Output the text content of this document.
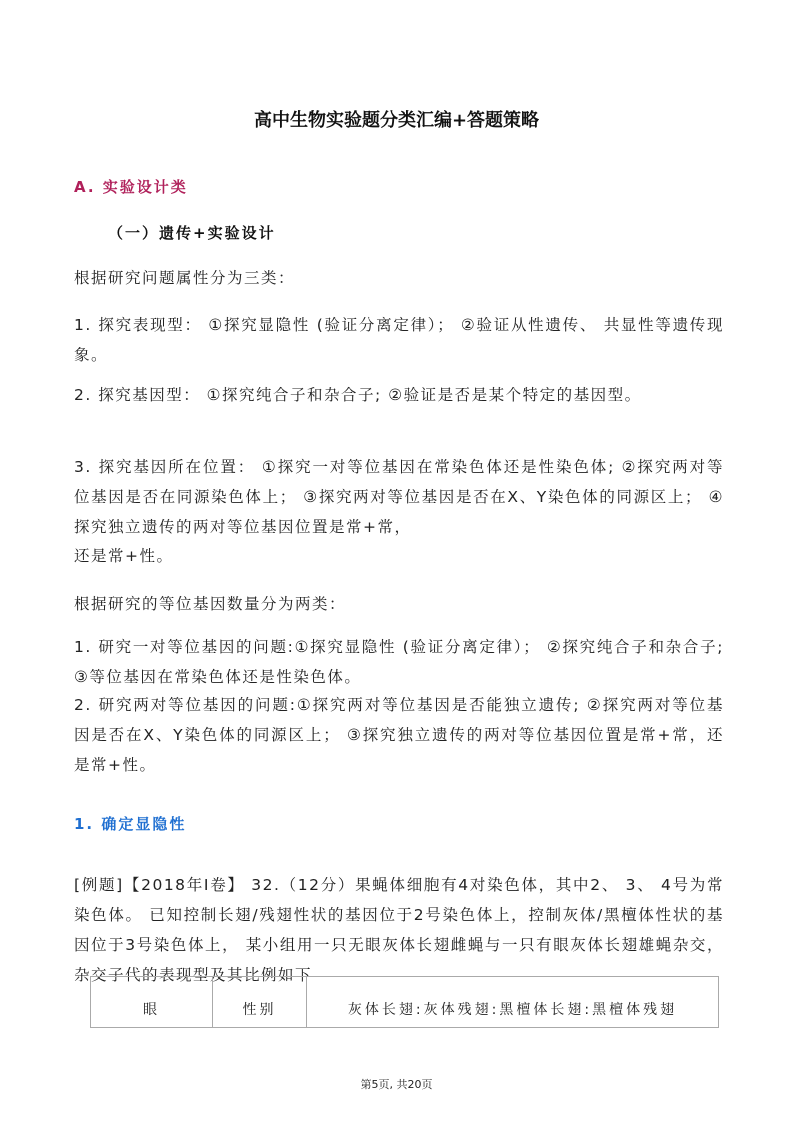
高中生物实验题分类汇编+答题策略
A. 实验设计类
（一）遗传+实验设计
根据研究问题属性分为三类：
1. 探究表现型： ①探究显隐性 (验证分离定律）； ②验证从性遗传、 共显性等遗传现象。
2. 探究基因型： ①探究纯合子和杂合子; ②验证是否是某个特定的基因型。
3. 探究基因所在位置： ①探究一对等位基因在常染色体还是性染色体; ②探究两对等位基因是否在同源染色体上； ③探究两对等位基因是否在X、Y染色体的同源区上； ④探究独立遗传的两对等位基因位置是常+常，
还是常+性。
根据研究的等位基因数量分为两类：
1. 研究一对等位基因的问题:①探究显隐性 (验证分离定律）； ②探究纯合子和杂合子; ③等位基因在常染色体还是性染色体。
2. 研究两对等位基因的问题:①探究两对等位基因是否能独立遗传; ②探究两对等位基因是否在X、Y染色体的同源区上； ③探究独立遗传的两对等位基因位置是常+常，还是常+性。
1. 确定显隐性
[例题]【2018年Ⅰ卷】 32.（12分）果蝇体细胞有4对染色体，其中2、 3、 4号为常染色体。 已知控制长翅/残翅性状的基因位于2号染色体上，控制灰体/黑檀体性状的基因位于3号染色体上， 某小组用一只无眼灰体长翅雌蝇与一只有眼灰体长翅雄蝇杂交，杂交子代的表现型及其比例如下
眼	性别	灰体长翅:灰体残翅:黑檀体长翅:黑檀体残翅
第5页, 共20页
